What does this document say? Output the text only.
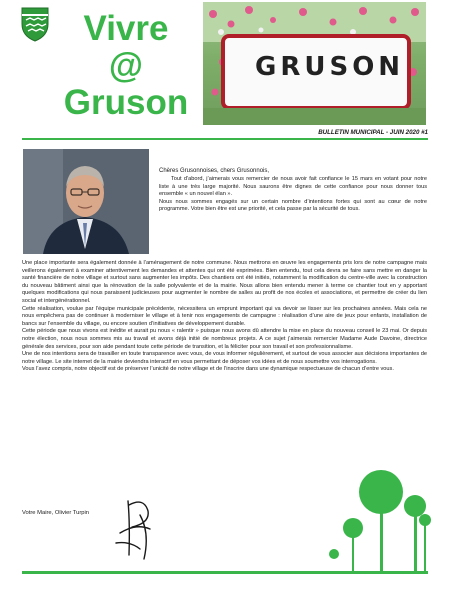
Vivre
@
Gruson
GRUSON
BULLETIN MUNICIPAL - JUIN 2020 #1
Chères Grusonnoises, chers Grusonnois,

Tout d’abord, j’aimerais vous remercier de nous avoir fait confiance le 15 mars en votant pour notre liste à une très large majorité. Nous saurons être dignes de cette confiance pour nous donner tous ensemble « un nouvel élan ».

Nous nous sommes engagés sur un certain nombre d’intentions fortes qui sont au cœur de notre programme. Votre bien être est une priorité, et cela passe par la sécurité de tous.

Une place importante sera également donnée à l’aménagement de notre commune. Nous mettrons en œuvre les engagements pris lors de notre campagne mais veillerons également à examiner attentivement les demandes et attentes qui ont été exprimées. Bien entendu, tout cela devra se faire sans mettre en danger la santé financière de notre village et surtout sans augmenter les impôts. Des chantiers ont été initiés, notamment la modification du centre-ville avec la construction du nouveau bâtiment ainsi que la rénovation de la salle polyvalente et de la mairie. Nous allons bien entendu mener à terme ce chantier tout en y apportant quelques modifications qui nous paraissent judicieuses pour augmenter le nombre de salles au profit de nos écoles et associations, et permettre de créer du lien social et intergénérationnel.

Cette réalisation, voulue par l’équipe municipale précédente, nécessitera un emprunt important qui va devoir se lisser sur les prochaines années. Mais cela ne nous empêchera pas de continuer à moderniser le village et à tenir nos engagements de campagne : réalisation d’une aire de jeux pour enfants, installation de bancs sur l’ensemble du village, ou encore soutien d’initiatives de développement durable.

Cette période que nous vivons est inédite et aurait pu nous « ralentir » puisque nous avons dû attendre la mise en place du nouveau conseil le 23 mai. Or depuis notre élection, nous nous sommes mis au travail et avons déjà initié de nombreux projets. A ce sujet j’aimerais remercier Madame Aude Davoine, directrice générale des services, pour son aide pendant toute cette période de transition, et la féliciter pour son travail et son professionnalisme.

Une de nos intentions sera de travailler en toute transparence avec vous, de vous informer régulièrement, et surtout de vous associer aux décisions importantes de notre village. Le site internet de la mairie deviendra interactif en vous permettant de déposer vos idées et de nous soumettre vos interrogations.

Vous l’avez compris, notre objectif est de préserver l’unicité de notre village et de l’inscrire dans une dynamique respectueuse de chacun d’entre vous.

Votre Maire, Olivier Turpin
